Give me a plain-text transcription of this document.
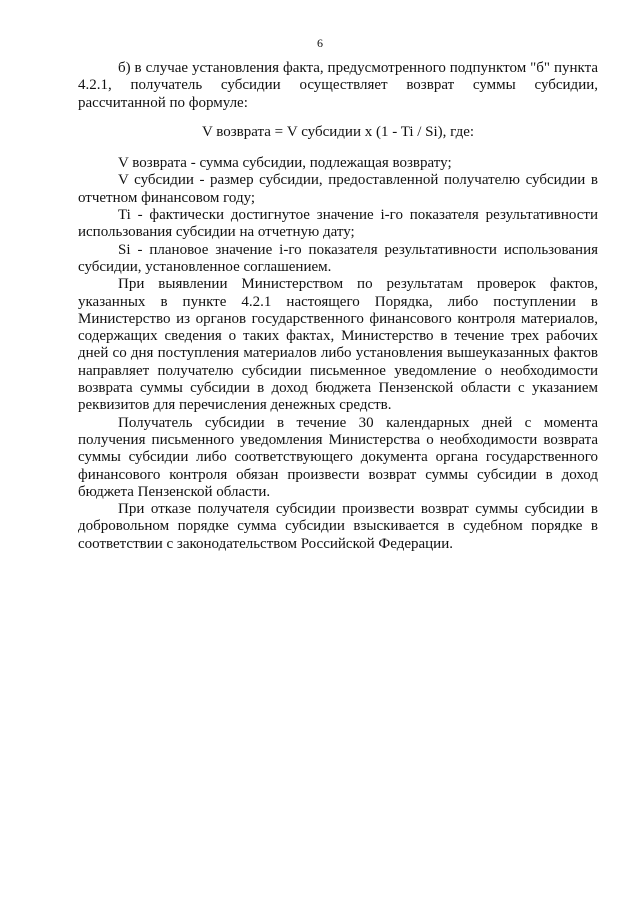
6

б) в случае установления факта, предусмотренного подпунктом "б" пункта 4.2.1, получатель субсидии осуществляет возврат суммы субсидии, рассчитанной по формуле:

V возврата = V субсидии x (1 - Ti / Si), где:

V возврата - сумма субсидии, подлежащая возврату;

V субсидии - размер субсидии, предоставленной получателю субсидии в отчетном финансовом году;

Ti - фактически достигнутое значение i-го показателя результативности использования субсидии на отчетную дату;

Si - плановое значение i-го показателя результативности использования субсидии, установленное соглашением.

При выявлении Министерством по результатам проверок фактов, указанных в пункте 4.2.1 настоящего Порядка, либо поступлении в Министерство из органов государственного финансового контроля материалов, содержащих сведения о таких фактах, Министерство в течение трех рабочих дней со дня поступления материалов либо установления вышеуказанных фактов направляет получателю субсидии письменное уведомление о необходимости возврата суммы субсидии в доход бюджета Пензенской области с указанием реквизитов для перечисления денежных средств.

Получатель субсидии в течение 30 календарных дней с момента получения письменного уведомления Министерства о необходимости возврата суммы субсидии либо соответствующего документа органа государственного финансового контроля обязан произвести возврат суммы субсидии в доход бюджета Пензенской области.

При отказе получателя субсидии произвести возврат суммы субсидии в добровольном порядке сумма субсидии взыскивается в судебном порядке в соответствии с законодательством Российской Федерации.
